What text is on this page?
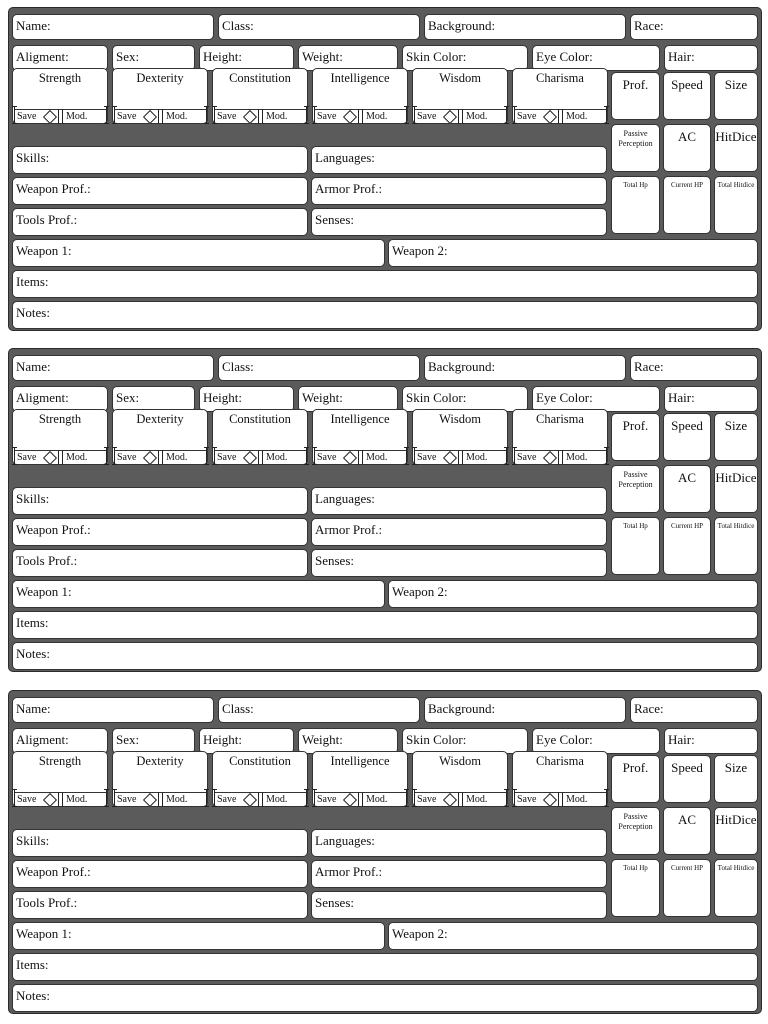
Name:	Class:	Background:	Race:
Aligment:	Sex:	Height:	Weight:	Skin Color:	Eye Color:	Hair:
Skills:	Languages:
Weapon Prof.:	Armor Prof.:
Tools Prof.:	Senses:
Weapon 1:	Weapon 2:
Items:
Notes:
Strength
Save	Mod.
Dexterity
Save	Mod.
Constitution
Save	Mod.
Intelligence
Save	Mod.
Wisdom
Save	Mod.
Charisma
Save	Mod.
Prof.	Speed	Size
Passive Perception	AC	HitDice
Total Hp	Current HP	Total Hitdice
Name:	Class:	Background:	Race:
Aligment:	Sex:	Height:	Weight:	Skin Color:	Eye Color:	Hair:
Skills:	Languages:
Weapon Prof.:	Armor Prof.:
Tools Prof.:	Senses:
Weapon 1:	Weapon 2:
Items:
Notes:
Strength
Save	Mod.
Dexterity
Save	Mod.
Constitution
Save	Mod.
Intelligence
Save	Mod.
Wisdom
Save	Mod.
Charisma
Save	Mod.
Prof.	Speed	Size
Passive Perception	AC	HitDice
Total Hp	Current HP	Total Hitdice
Name:	Class:	Background:	Race:
Aligment:	Sex:	Height:	Weight:	Skin Color:	Eye Color:	Hair:
Skills:	Languages:
Weapon Prof.:	Armor Prof.:
Tools Prof.:	Senses:
Weapon 1:	Weapon 2:
Items:
Notes:
Strength
Save	Mod.
Dexterity
Save	Mod.
Constitution
Save	Mod.
Intelligence
Save	Mod.
Wisdom
Save	Mod.
Charisma
Save	Mod.
Prof.	Speed	Size
Passive Perception	AC	HitDice
Total Hp	Current HP	Total Hitdice
